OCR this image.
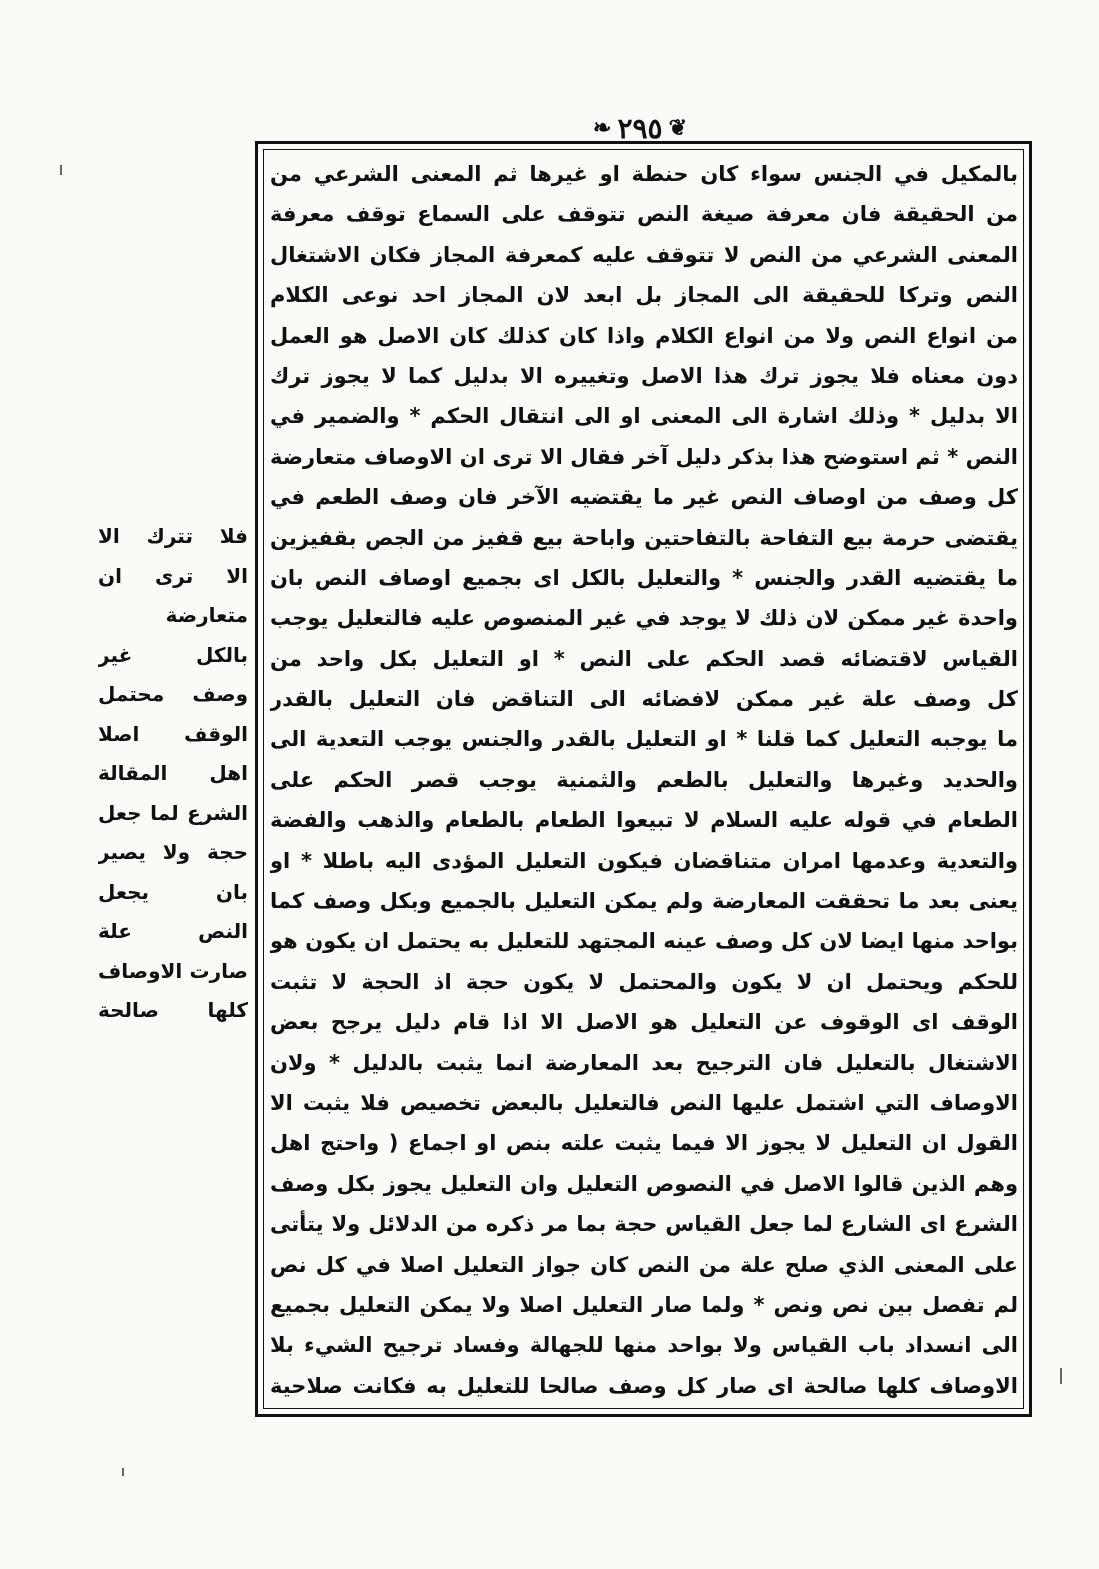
❦
٢٩٥
❧
بالمكيل في الجنس سواء كان حنطة او غيرها ثم المعنى الشرعي من
من الحقيقة فان معرفة صيغة النص تتوقف على السماع توقف معرفة
المعنى الشرعي من النص لا تتوقف عليه كمعرفة المجاز فكان الاشتغال
النص وتركا للحقيقة الى المجاز بل ابعد لان المجاز احد نوعى الكلام
من انواع النص ولا من انواع الكلام واذا كان كذلك كان الاصل هو العمل
دون معناه فلا يجوز ترك هذا الاصل وتغييره الا بدليل كما لا يجوز ترك
الا بدليل * وذلك اشارة الى المعنى او الى انتقال الحكم * والضمير في
النص * ثم استوضح هذا بذكر دليل آخر فقال الا ترى ان الاوصاف متعارضة
كل وصف من اوصاف النص غير ما يقتضيه الآخر فان وصف الطعم في
يقتضى حرمة بيع التفاحة بالتفاحتين واباحة بيع قفيز من الجص بقفيزين
ما يقتضيه القدر والجنس * والتعليل بالكل اى بجميع اوصاف النص بان
واحدة غير ممكن لان ذلك لا يوجد في غير المنصوص عليه فالتعليل يوجب
القياس لاقتضائه قصد الحكم على النص * او التعليل بكل واحد من
كل وصف علة غير ممكن لافضائه الى التناقض فان التعليل بالقدر
ما يوجبه التعليل كما قلنا * او التعليل بالقدر والجنس يوجب التعدية الى
والحديد وغيرها والتعليل بالطعم والثمنية يوجب قصر الحكم على
الطعام في قوله عليه السلام لا تبيعوا الطعام بالطعام والذهب والفضة
والتعدية وعدمها امران متناقضان فيكون التعليل المؤدى اليه باطلا * او
يعنى بعد ما تحققت المعارضة ولم يمكن التعليل بالجميع وبكل وصف كما
بواحد منها ايضا لان كل وصف عينه المجتهد للتعليل به يحتمل ان يكون هو
للحكم ويحتمل ان لا يكون والمحتمل لا يكون حجة اذ الحجة لا تثبت
الوقف اى الوقوف عن التعليل هو الاصل الا اذا قام دليل يرجح بعض
الاشتغال بالتعليل فان الترجيح بعد المعارضة انما يثبت بالدليل * ولان
الاوصاف التي اشتمل عليها النص فالتعليل بالبعض تخصيص فلا يثبت الا
القول ان التعليل لا يجوز الا فيما يثبت علته بنص او اجماع ( واحتج اهل
وهم الذين قالوا الاصل في النصوص التعليل وان التعليل يجوز بكل وصف
الشرع اى الشارع لما جعل القياس حجة بما مر ذكره من الدلائل ولا يتأتى
على المعنى الذي صلح علة من النص كان جواز التعليل اصلا في كل نص
لم تفصل بين نص ونص * ولما صار التعليل اصلا ولا يمكن التعليل بجميع
الى انسداد باب القياس ولا بواحد منها للجهالة وفساد ترجيح الشيء بلا
الاوصاف كلها صالحة اى صار كل وصف صالحا للتعليل به فكانت صلاحية
فلا تترك الا
الا ترى ان
متعارضة
بالكل غير
وصف محتمل
الوقف اصلا
اهل المقالة
الشرع لما جعل
حجة ولا يصير
بان يجعل
النص علة
صارت الاوصاف
كلها صالحة
